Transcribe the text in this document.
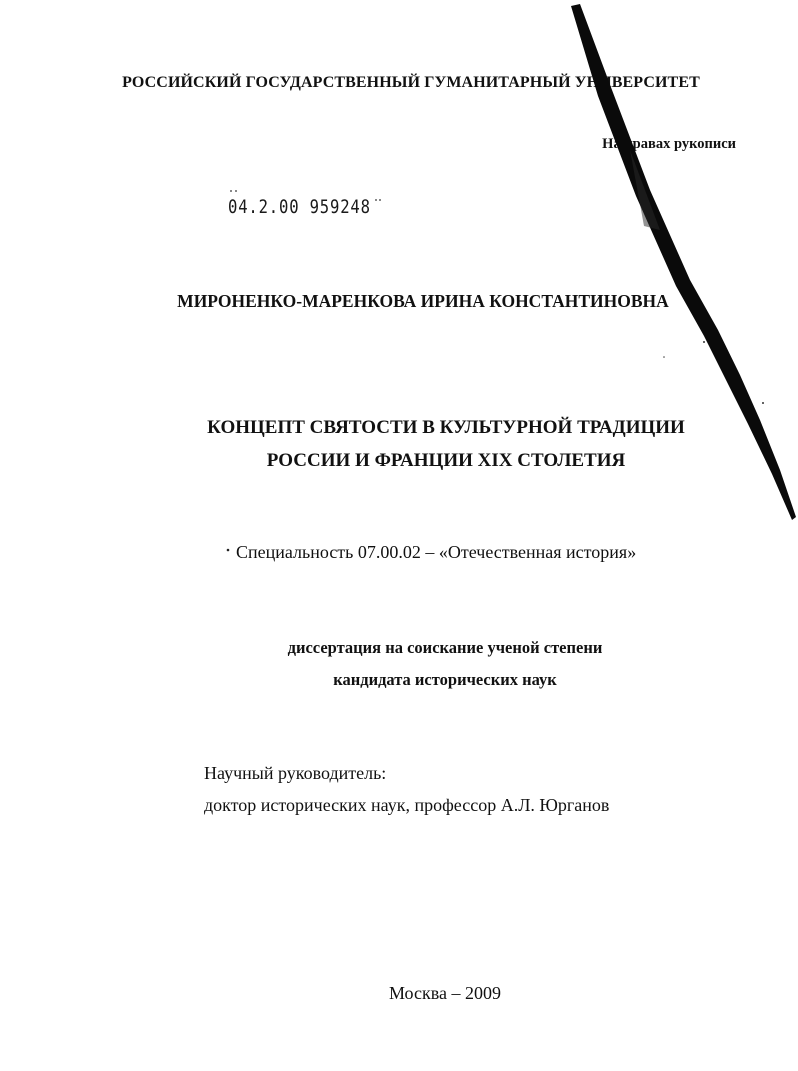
РОССИЙСКИЙ ГОСУДАРСТВЕННЫЙ ГУМАНИТАРНЫЙ УНИВЕРСИТЕТ
На правах рукописи
04.2.00 959248
МИРОНЕНКО-МАРЕНКОВА ИРИНА КОНСТАНТИНОВНА
КОНЦЕПТ СВЯТОСТИ В КУЛЬТУРНОЙ ТРАДИЦИИ
РОССИИ И ФРАНЦИИ XIX СТОЛЕТИЯ
Специальность 07.00.02 – «Отечественная история»
диссертация на соискание ученой степени
кандидата исторических наук
Научный руководитель:
доктор исторических наук, профессор А.Л. Юрганов
Москва – 2009
